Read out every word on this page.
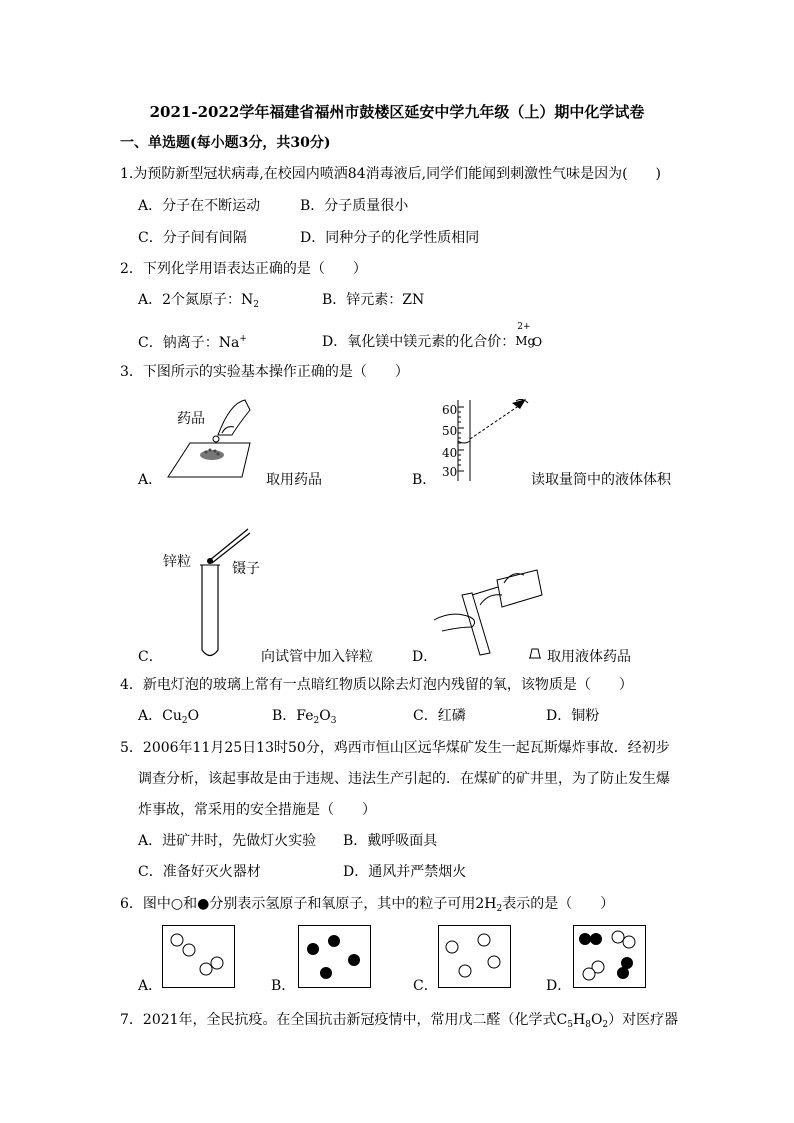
2021-2022学年福建省福州市鼓楼区延安中学九年级（上）期中化学试卷
一、单选题(每小题3分，共30分)
1.为预防新型冠状病毒,在校园内喷洒84消毒液后,同学们能闻到刺激性气味是因为(　　)
A．分子在不断运动	B．分子质量很小
C．分子间有间隔	D．同种分子的化学性质相同
2．下列化学用语表达正确的是（　　）
A．2个氮原子：$N_2$	B．锌元素：ZN
C．钠离子：Na+	D．氧化镁中镁元素的化合价：
2+
Mg
O
3．下图所示的实验基本操作正确的是（　　）
药品
A．	取用药品
60
50
40
30
B．	读取量筒中的液体体积
锌粒	镊子
C．	向试管中加入锌粒	D．	取用液体药品
4．新电灯泡的玻璃上常有一点暗红物质以除去灯泡内残留的氧，该物质是（　　）
A．$Cu_2O$	B．$Fe_2O_3$	C．红磷	D．铜粉
5．2006年11月25日13时50分，鸡西市恒山区远华煤矿发生一起瓦斯爆炸事故．经初步
调查分析，该起事故是由于违规、违法生产引起的．在煤矿的矿井里，为了防止发生爆
炸事故，常采用的安全措施是（　　）
A．进矿井时，先做灯火实验 B．戴呼吸面具
C．准备好灭火器材	D．通风并严禁烟火
6．图中○和●分别表示氢原子和氧原子，其中的粒子可用$2H_2$表示的是（　　）
A．	B．	C．	D．
7．2021年，全民抗疫。在全国抗击新冠疫情中，常用戊二醛（化学式$C_5H_8O_2$）对医疗器
